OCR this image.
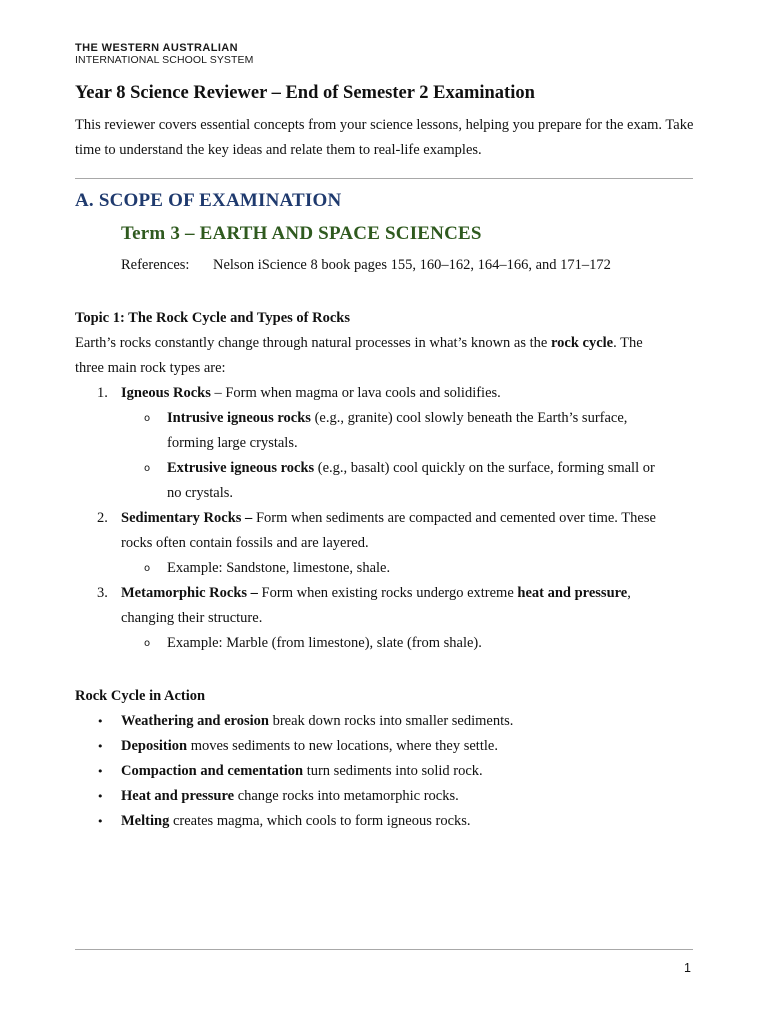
THE WESTERN AUSTRALIAN
INTERNATIONAL SCHOOL SYSTEM
Year 8 Science Reviewer – End of Semester 2 Examination

This reviewer covers essential concepts from your science lessons, helping you prepare for the exam. Take time to understand the key ideas and relate them to real-life examples.

A. SCOPE OF EXAMINATION
Term 3 – EARTH AND SPACE SCIENCES

References: Nelson iScience 8 book pages 155, 160–162, 164–166, and 171–172

Topic 1: The Rock Cycle and Types of Rocks
Earth’s rocks constantly change through natural processes in what’s known as the rock cycle. The
three main rock types are:
1. Igneous Rocks – Form when magma or lava cools and solidifies.
o Intrusive igneous rocks (e.g., granite) cool slowly beneath the Earth’s surface,
forming large crystals.
o Extrusive igneous rocks (e.g., basalt) cool quickly on the surface, forming small or
no crystals.
2. Sedimentary Rocks – Form when sediments are compacted and cemented over time. These
rocks often contain fossils and are layered.
o Example: Sandstone, limestone, shale.
3. Metamorphic Rocks – Form when existing rocks undergo extreme heat and pressure,
changing their structure.
o Example: Marble (from limestone), slate (from shale).
Rock Cycle in Action
• Weathering and erosion break down rocks into smaller sediments.
• Deposition moves sediments to new locations, where they settle.
• Compaction and cementation turn sediments into solid rock.
• Heat and pressure change rocks into metamorphic rocks.
• Melting creates magma, which cools to form igneous rocks.
1
